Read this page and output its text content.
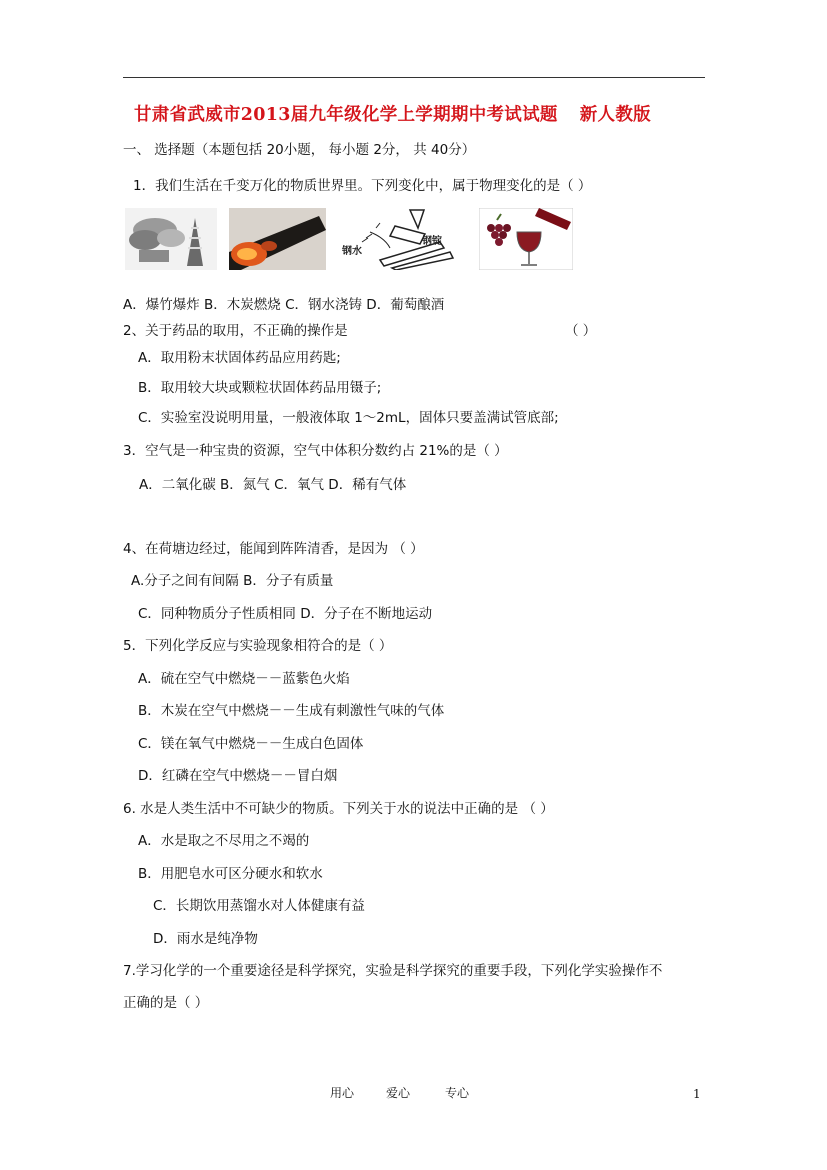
甘肃省武威市2013届九年级化学上学期期中考试试题 新人教版
一、 选择题（本题包括 20小题， 每小题 2分， 共 40分）
1．我们生活在千变万化的物质世界里。下列变化中，属于物理变化的是（ ）
钢水
钢锭
A．爆竹爆炸 B．木炭燃烧 C．钢水浇铸 D．葡萄酿酒
2、关于药品的取用，不正确的操作是	（ ）
A．取用粉末状固体药品应用药匙;
B．取用较大块或颗粒状固体药品用镊子;
C．实验室没说明用量，一般液体取 1～2mL，固体只要盖满试管底部;
3．空气是一种宝贵的资源，空气中体积分数约占 21%的是（ ）
A．二氧化碳 B．氮气 C．氧气 D．稀有气体
4、在荷塘边经过，能闻到阵阵清香，是因为 （ ）
A.分子之间有间隔 B．分子有质量
C．同种物质分子性质相同 D．分子在不断地运动
5．下列化学反应与实验现象相符合的是（ ）
A．硫在空气中燃烧－－蓝紫色火焰
B．木炭在空气中燃烧－－生成有刺激性气味的气体
C．镁在氧气中燃烧－－生成白色固体
D．红磷在空气中燃烧－－冒白烟
6. 水是人类生活中不可缺少的物质。下列关于水的说法中正确的是 （ ）
A．水是取之不尽用之不竭的
B．用肥皂水可区分硬水和软水
C．长期饮用蒸馏水对人体健康有益
D．雨水是纯净物
7.学习化学的一个重要途径是科学探究，实验是科学探究的重要手段，下列化学实验操作不
正确的是（ ）
用心	爱心	专心	1
